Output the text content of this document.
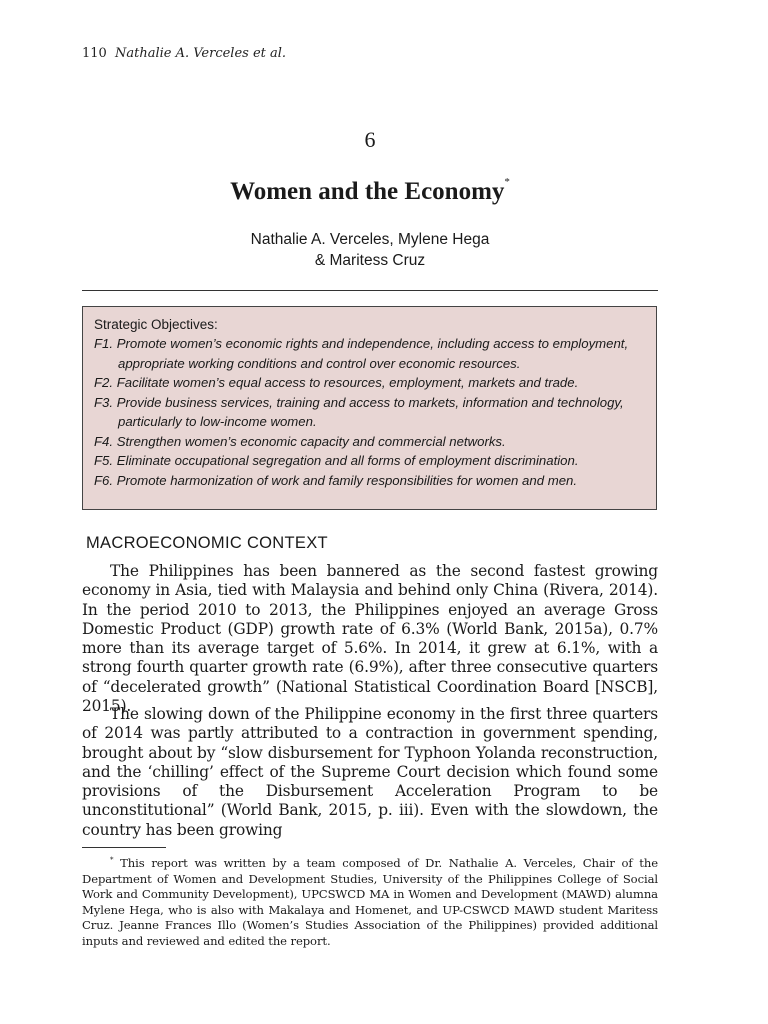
110 Nathalie A. Verceles et al.
6
Women and the Economy*
Nathalie A. Verceles, Mylene Hega
& Maritess Cruz
Strategic Objectives:

F1. Promote women’s economic rights and independence, including access to employment, appropriate working conditions and control over economic resources.

F2. Facilitate women’s equal access to resources, employment, markets and trade.

F3. Provide business services, training and access to markets, information and technology, particularly to low-income women.

F4. Strengthen women’s economic capacity and commercial networks.

F5. Eliminate occupational segregation and all forms of employment discrimination.

F6. Promote harmonization of work and family responsibilities for women and men.

MACROECONOMIC CONTEXT

The Philippines has been bannered as the second fastest growing economy in Asia, tied with Malaysia and behind only China (Rivera, 2014). In the period 2010 to 2013, the Philippines enjoyed an average Gross Domestic Product (GDP) growth rate of 6.3% (World Bank, 2015a), 0.7% more than its average target of 5.6%. In 2014, it grew at 6.1%, with a strong fourth quarter growth rate (6.9%), after three consecutive quarters of “decelerated growth” (National Statistical Coordination Board [NSCB], 2015).

The slowing down of the Philippine economy in the first three quarters of 2014 was partly attributed to a contraction in government spending, brought about by “slow disbursement for Typhoon Yolanda reconstruction, and the ‘chilling’ effect of the Supreme Court decision which found some provisions of the Disbursement Acceleration Program to be unconstitutional” (World Bank, 2015, p. iii). Even with the slowdown, the country has been growing

* This report was written by a team composed of Dr. Nathalie A. Verceles, Chair of the Department of Women and Development Studies, University of the Philippines College of Social Work and Community Development), UPCSWCD MA in Women and Development (MAWD) alumna Mylene Hega, who is also with Makalaya and Homenet, and UP-CSWCD MAWD student Maritess Cruz. Jeanne Frances Illo (Women’s Studies Association of the Philippines) provided additional inputs and reviewed and edited the report.
